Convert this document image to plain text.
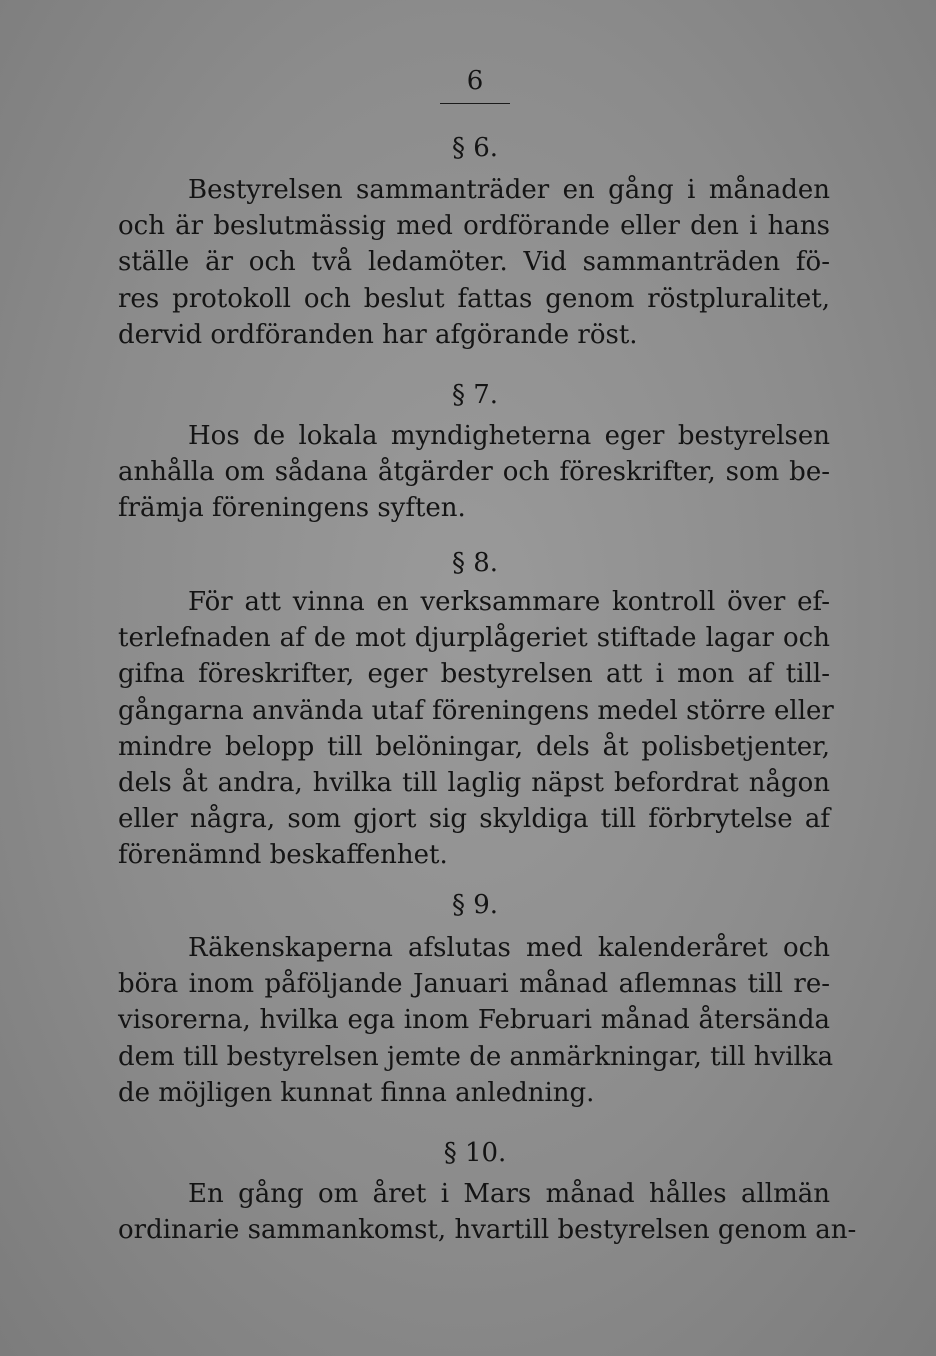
6
§ 6.
Bestyrelsen sammanträder en gång i månaden
och är beslutmässig med ordförande eller den i hans
ställe är och två ledamöter. Vid sammanträden fö-
res protokoll och beslut fattas genom röstpluralitet,
dervid ordföranden har afgörande röst.
§ 7.
Hos de lokala myndigheterna eger bestyrelsen
anhålla om sådana åtgärder och föreskrifter, som be-
främja föreningens syften.
§ 8.
För att vinna en verksammare kontroll över ef-
terlefnaden af de mot djurplågeriet stiftade lagar och
gifna föreskrifter, eger bestyrelsen att i mon af till-
gångarna använda utaf föreningens medel större eller
mindre belopp till belöningar, dels åt polisbetjenter,
dels åt andra, hvilka till laglig näpst befordrat någon
eller några, som gjort sig skyldiga till förbrytelse af
förenämnd beskaffenhet.
§ 9.
Räkenskaperna afslutas med kalenderåret och
böra inom påföljande Januari månad aflemnas till re-
visorerna, hvilka ega inom Februari månad återsända
dem till bestyrelsen jemte de anmärkningar, till hvilka
de möjligen kunnat finna anledning.
§ 10.
En gång om året i Mars månad hålles allmän
ordinarie sammankomst, hvartill bestyrelsen genom an-
